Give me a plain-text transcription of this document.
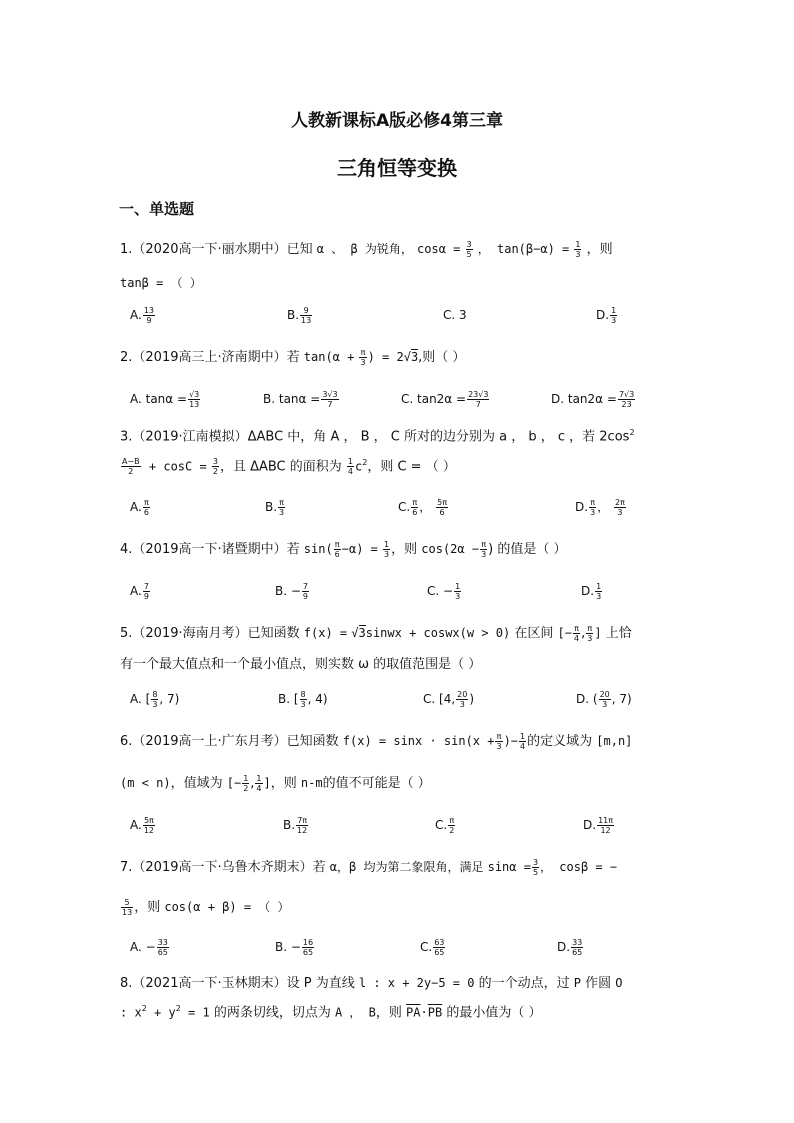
人教新课标A版必修4第三章
三角恒等变换
一、单选题
1.（2020高一下·丽水期中）已知 α 、 β 为锐角， $\cos\alpha = \frac{3}{5}$ ， $\tan(\beta-\alpha) = \frac{1}{3}$ ，则
tanβ = （ ）
A. $\frac{13}{9}$	B. $\frac{9}{13}$	C. 3	D. $\frac{1}{3}$
2.（2019高三上·济南期中）若 $\tan(\alpha + \frac{\pi}{3}$ ) = 2√3,则（ ）
A. $\tan\alpha = \frac{√3}{13}$	B. $\tan\alpha = \frac{3√3}{7}$	C. $\tan 2\alpha = \frac{23√3}{7}$	D. $\tan 2\alpha = \frac{7√3}{23}$
3.（2019·江南模拟）ΔABC 中，角 A ， B ， C 所对的边分别为 a ， b ， c ，若 $2\cos^2$
$\frac{A-B}{2} + \cos C = \frac{3}{2}$ ，且 ΔABC 的面积为 $\frac{1}{4} c^2$，则 C = （ ）
A. $\frac{\pi}{6}$	B. $\frac{\pi}{3}$	C. $\frac{\pi}{6}$ ， $\frac{5\pi}{6}$	D. $\frac{\pi}{3}$ ， $\frac{2\pi}{3}$
4.（2019高一下·诸暨期中）若 $\sin( \frac{\pi}{6} -\alpha) = \frac{1}{3}$ ，则 $\cos(2\alpha - \frac{\pi}{3}$ ) 的值是（ ）
A. $\frac{7}{9}$	B. − $\frac{7}{9}$	C. − $\frac{1}{3}$	D. $\frac{1}{3}$
5.（2019·海南月考）已知函数 f(x) = √3sinwx + coswx(w > 0) 在区间 [− $\frac{\pi}{4}$ , $\frac{\pi}{3}$ ] 上恰
有一个最大值点和一个最小值点，则实数 ω 的取值范围是（ ）
A. [ $\frac{8}{3}$ , 7)	B. [ $\frac{8}{3}$ , 4)	C. [4, $\frac{20}{3}$ )	D. ( $\frac{20}{3}$ , 7)
6.（2019高一上·广东月考）已知函数 $f(x) = \sin x \cdot \sin(x + \frac{\pi}{3}$ )− $\frac{1}{4}$ 的定义域为 [m,n]
(m < n)，值域为 [− $\frac{1}{2}$ , $\frac{1}{4}$ ]，则 n-m的值不可能是（ ）
A. $\frac{5\pi}{12}$	B. $\frac{7\pi}{12}$	C. $\frac{\pi}{2}$	D. $\frac{11\pi}{12}$
7.（2019高一下·乌鲁木齐期末）若 α，β 均为第二象限角，满足 $\sin\alpha = \frac{3}{5}$ ， cosβ = −
$\frac{5}{13}$ ，则 cos(α + β) = （ ）
A. − $\frac{33}{65}$	B. − $\frac{16}{65}$	C. $\frac{63}{65}$	D. $\frac{33}{65}$
8.（2021高一下·玉林期末）设 P 为直线 l : x + 2y−5 = 0 的一个动点，过 P 作圆 O
: $x^2 + y^2 = 1$ 的两条切线，切点为 A ， B，则 $\overline{PA}\cdot\overline{PB}$ 的最小值为（ ）
